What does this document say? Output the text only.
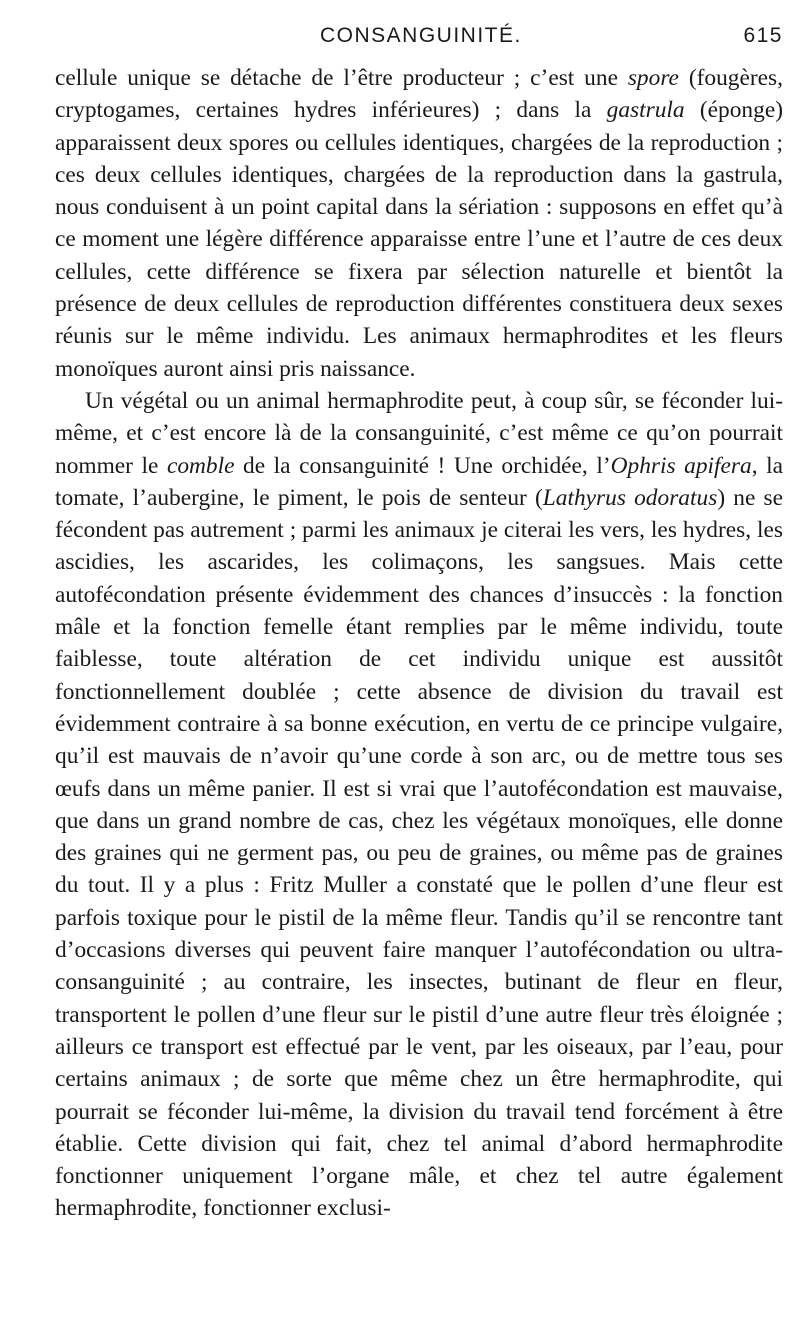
CONSANGUINITÉ.	615

cellule unique se détache de l’être producteur ; c’est une spore (fougères, cryptogames, certaines hydres inférieures) ; dans la gastrula (éponge) apparaissent deux spores ou cellules identiques, chargées de la reproduction ; ces deux cellules identiques, chargées de la reproduction dans la gastrula, nous conduisent à un point capital dans la sériation : supposons en effet qu’à ce moment une légère différence apparaisse entre l’une et l’autre de ces deux cellules, cette différence se fixera par sélection naturelle et bientôt la présence de deux cellules de reproduction différentes constituera deux sexes réunis sur le même individu. Les animaux hermaphrodites et les fleurs monoïques auront ainsi pris naissance.

Un végétal ou un animal hermaphrodite peut, à coup sûr, se féconder lui-même, et c’est encore là de la consanguinité, c’est même ce qu’on pourrait nommer le comble de la consanguinité ! Une orchidée, l’Ophris apifera, la tomate, l’aubergine, le piment, le pois de senteur (Lathyrus odoratus) ne se fécondent pas autrement ; parmi les animaux je citerai les vers, les hydres, les ascidies, les ascarides, les colimaçons, les sangsues. Mais cette autofécondation présente évidemment des chances d’insuccès : la fonction mâle et la fonction femelle étant remplies par le même individu, toute faiblesse, toute altération de cet individu unique est aussitôt fonctionnellement doublée ; cette absence de division du travail est évidemment contraire à sa bonne exécution, en vertu de ce principe vulgaire, qu’il est mauvais de n’avoir qu’une corde à son arc, ou de mettre tous ses œufs dans un même panier. Il est si vrai que l’autofécondation est mauvaise, que dans un grand nombre de cas, chez les végétaux monoïques, elle donne des graines qui ne germent pas, ou peu de graines, ou même pas de graines du tout. Il y a plus : Fritz Muller a constaté que le pollen d’une fleur est parfois toxique pour le pistil de la même fleur. Tandis qu’il se rencontre tant d’occasions diverses qui peuvent faire manquer l’autofécondation ou ultra-consanguinité ; au contraire, les insectes, butinant de fleur en fleur, transportent le pollen d’une fleur sur le pistil d’une autre fleur très éloignée ; ailleurs ce transport est effectué par le vent, par les oiseaux, par l’eau, pour certains animaux ; de sorte que même chez un être hermaphrodite, qui pourrait se féconder lui-même, la division du travail tend forcément à être établie. Cette division qui fait, chez tel animal d’abord hermaphrodite fonctionner uniquement l’organe mâle, et chez tel autre également hermaphrodite, fonctionner exclusi-
